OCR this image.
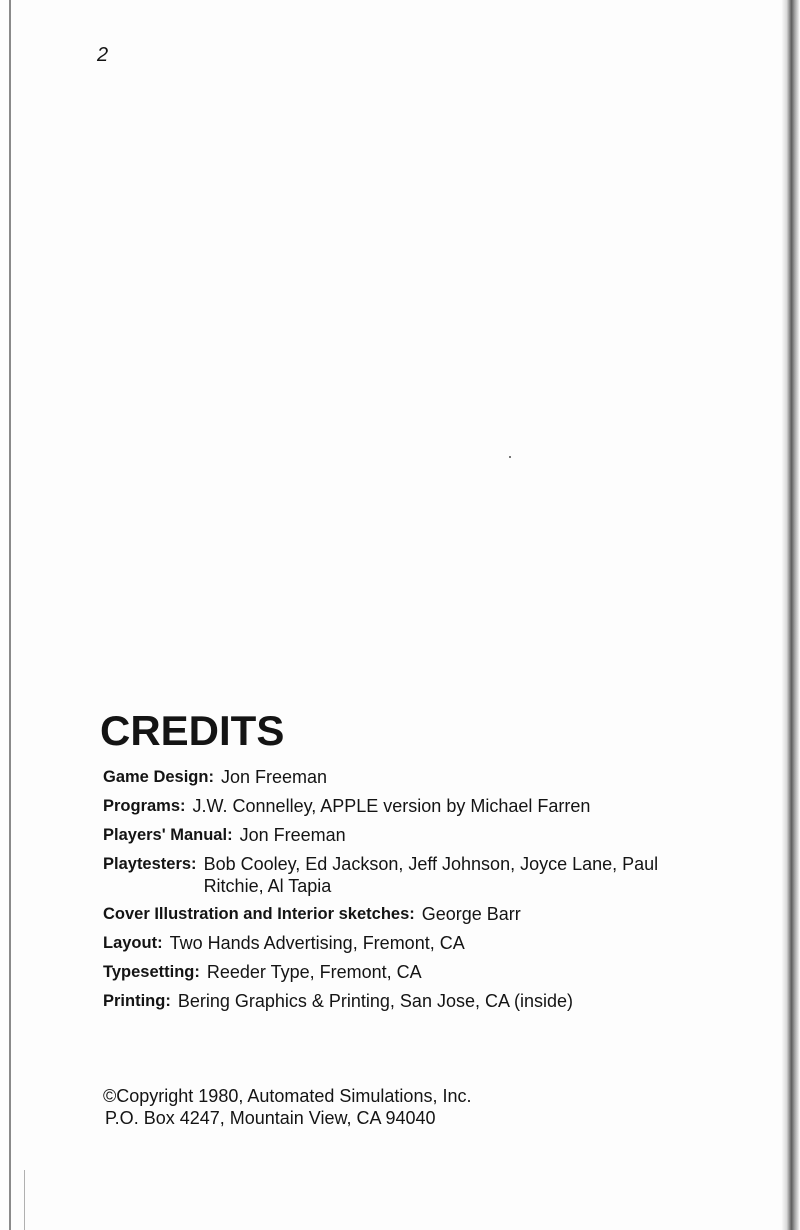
2
CREDITS
Game Design: Jon Freeman
Programs: J.W. Connelley, APPLE version by Michael Farren
Players' Manual: Jon Freeman
Playtesters: Bob Cooley, Ed Jackson, Jeff Johnson, Joyce Lane, Paul Ritchie, Al Tapia
Cover Illustration and Interior sketches: George Barr
Layout: Two Hands Advertising, Fremont, CA
Typesetting: Reeder Type, Fremont, CA
Printing: Bering Graphics & Printing, San Jose, CA (inside)
©Copyright 1980, Automated Simulations, Inc.
P.O. Box 4247, Mountain View, CA 94040
